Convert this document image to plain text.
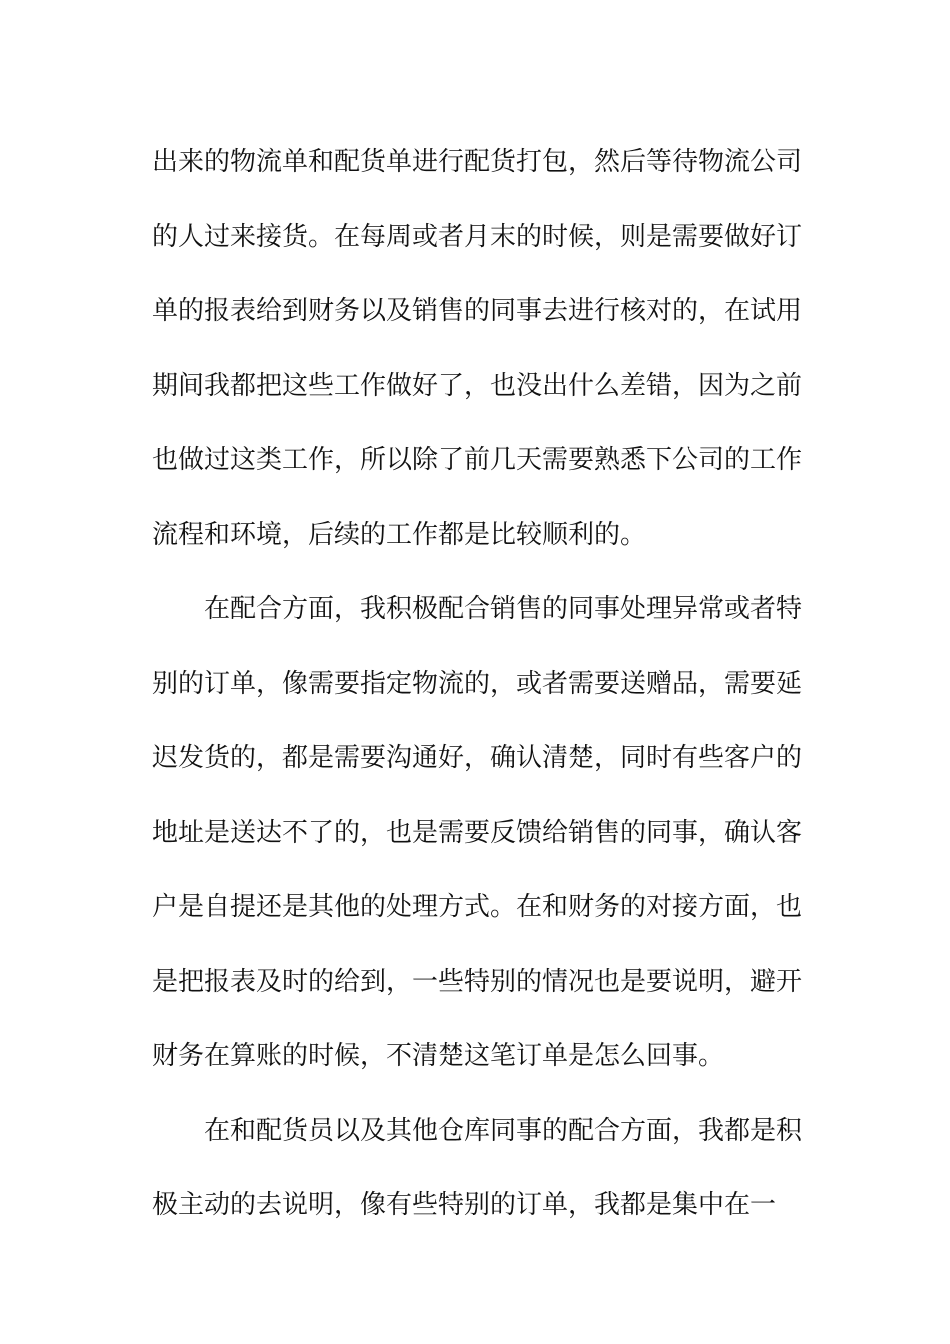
出来的物流单和配货单进行配货打包，然后等待物流公司
的人过来接货。在每周或者月末的时候，则是需要做好订
单的报表给到财务以及销售的同事去进行核对的，在试用
期间我都把这些工作做好了，也没出什么差错，因为之前
也做过这类工作，所以除了前几天需要熟悉下公司的工作
流程和环境，后续的工作都是比较顺利的。
在配合方面，我积极配合销售的同事处理异常或者特
别的订单，像需要指定物流的，或者需要送赠品，需要延
迟发货的，都是需要沟通好，确认清楚，同时有些客户的
地址是送达不了的，也是需要反馈给销售的同事，确认客
户是自提还是其他的处理方式。在和财务的对接方面，也
是把报表及时的给到，一些特别的情况也是要说明，避开
财务在算账的时候，不清楚这笔订单是怎么回事。
在和配货员以及其他仓库同事的配合方面，我都是积
极主动的去说明，像有些特别的订单，我都是集中在一
